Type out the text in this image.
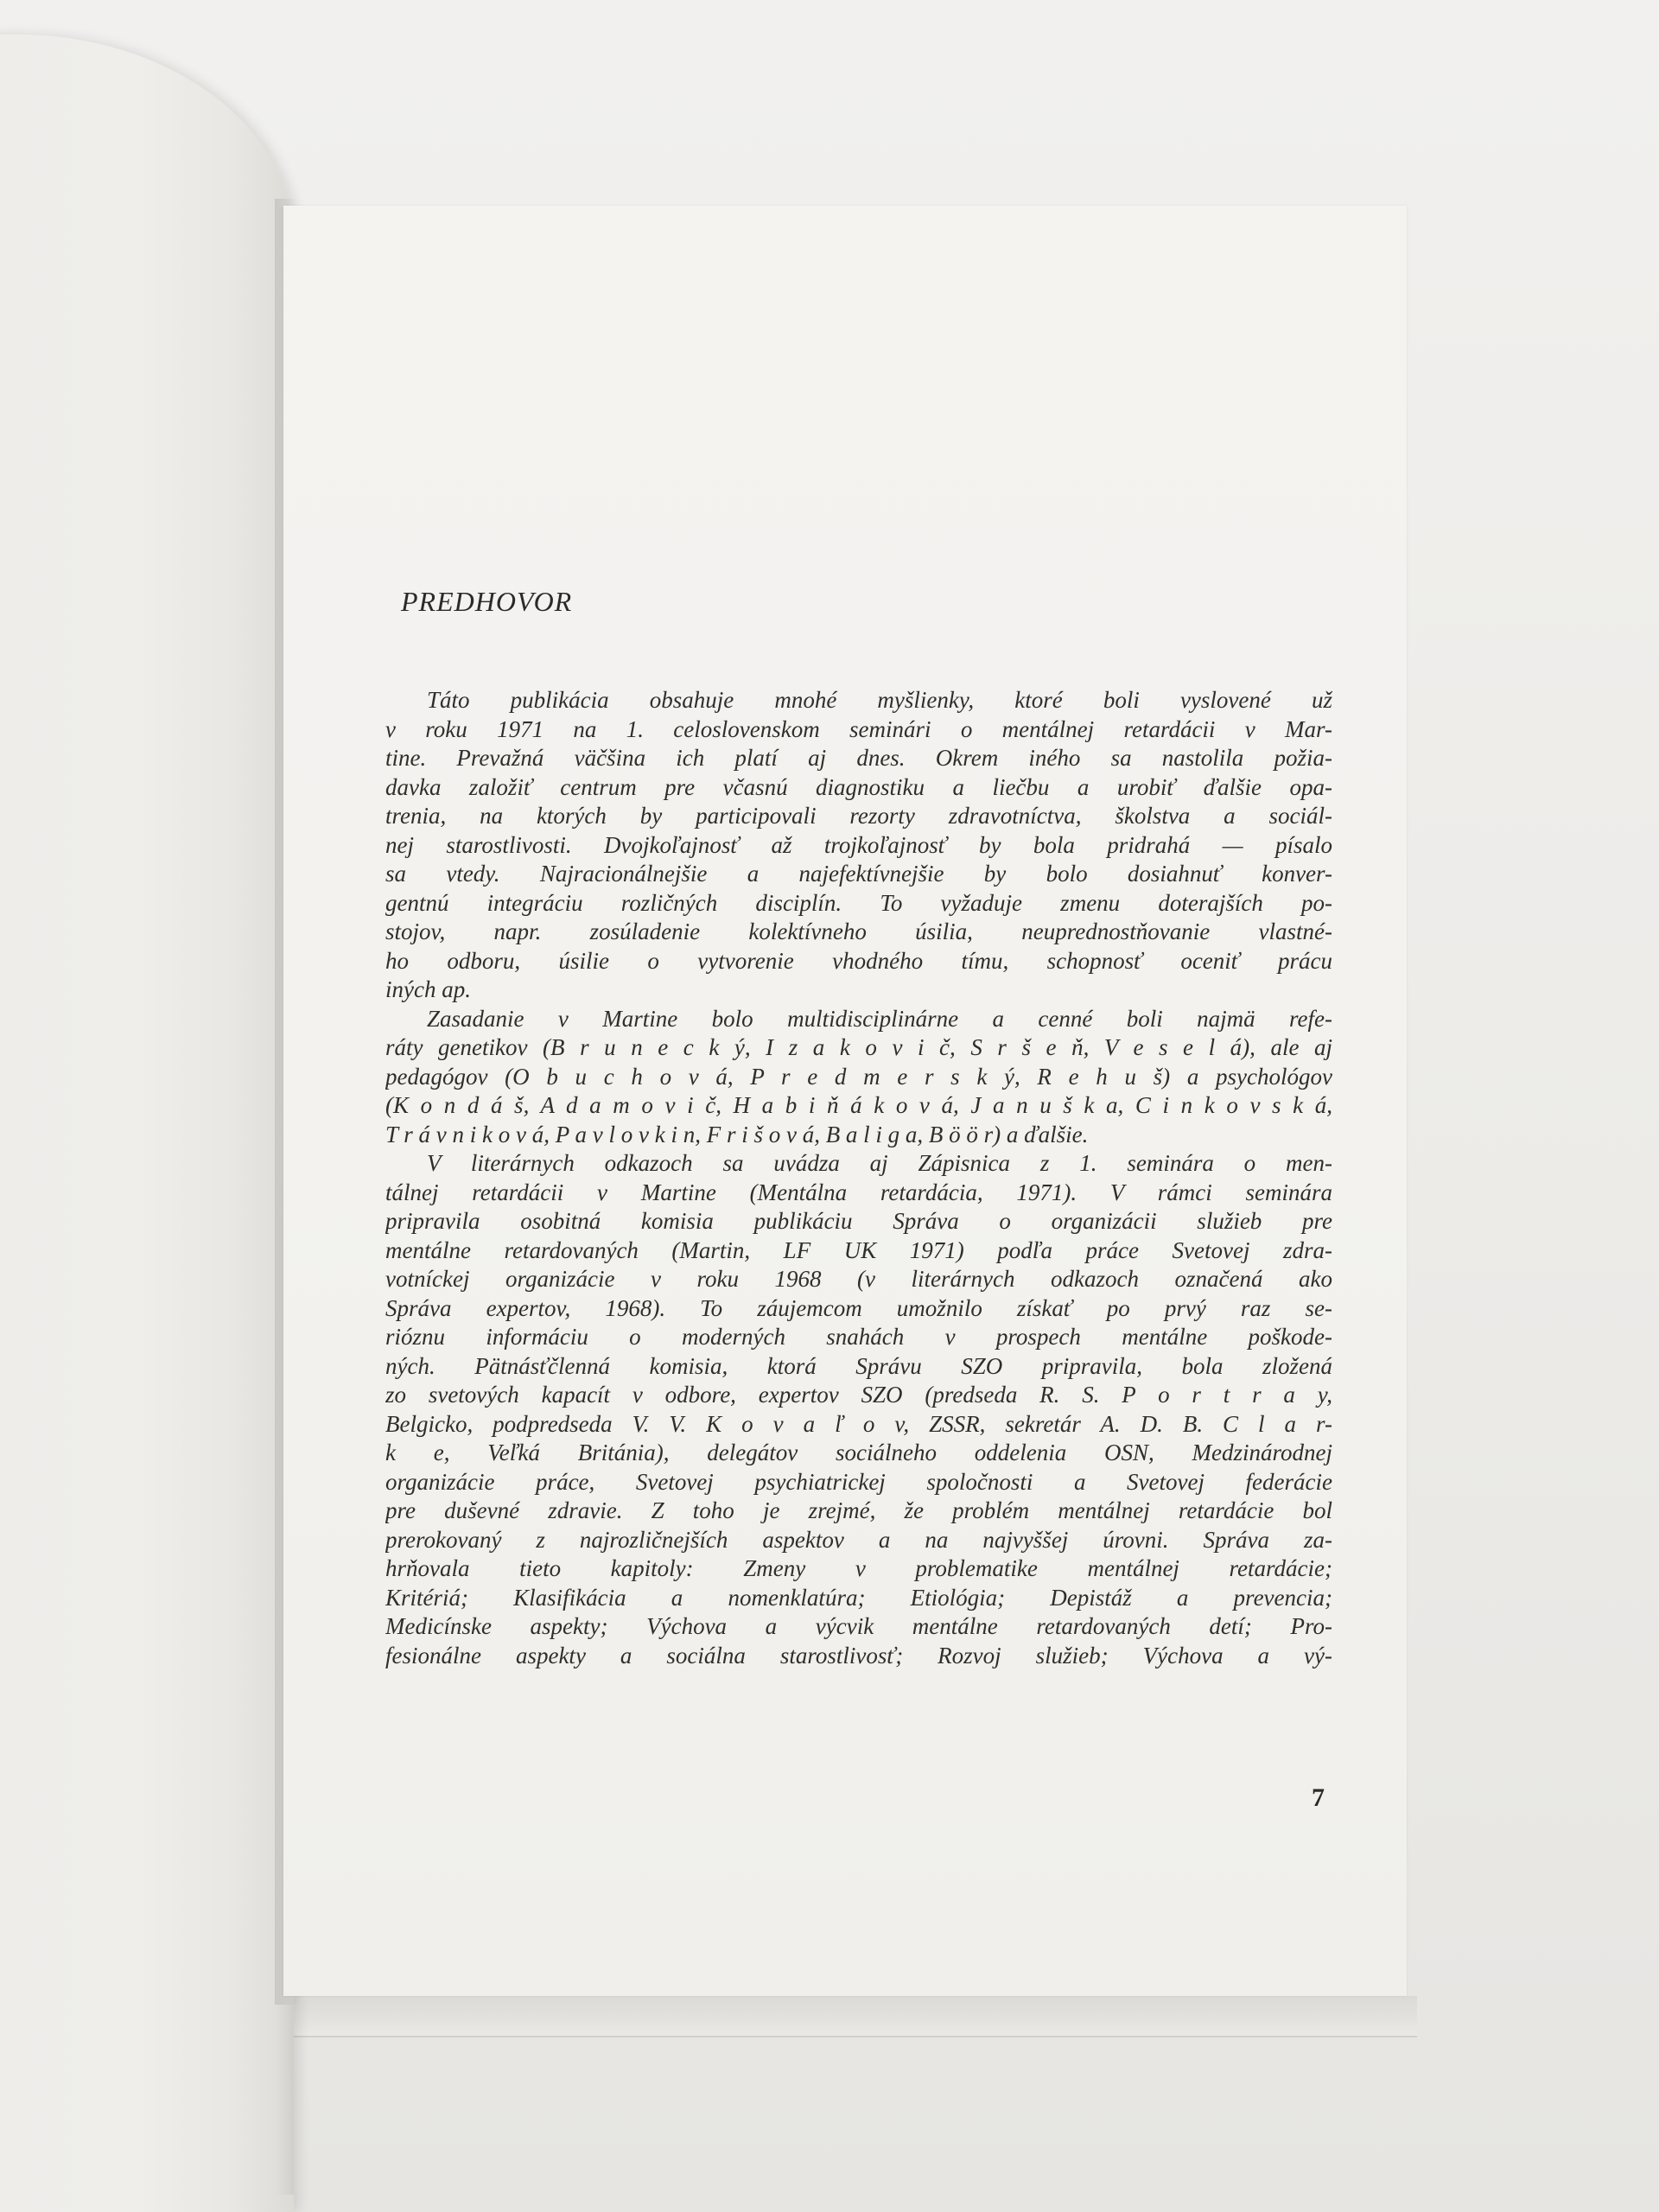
PREDHOVOR
Táto publikácia obsahuje mnohé myšlienky, ktoré boli vyslovené už
v roku 1971 na 1. celoslovenskom seminári o mentálnej retardácii v Mar-
tine. Prevažná väčšina ich platí aj dnes. Okrem iného sa nastolila požia-
davka založiť centrum pre včasnú diagnostiku a liečbu a urobiť ďalšie opa-
trenia, na ktorých by participovali rezorty zdravotníctva, školstva a sociál-
nej starostlivosti. Dvojkoľajnosť až trojkoľajnosť by bola pridrahá — písalo
sa vtedy. Najracionálnejšie a najefektívnejšie by bolo dosiahnuť konver-
gentnú integráciu rozličných disciplín. To vyžaduje zmenu doterajších po-
stojov, napr. zosúladenie kolektívneho úsilia, neuprednostňovanie vlastné-
ho odboru, úsilie o vytvorenie vhodného tímu, schopnosť oceniť prácu
iných ap.
Zasadanie v Martine bolo multidisciplinárne a cenné boli najmä refe-
ráty genetikov (B r u n e c k ý, I z a k o v i č, S r š e ň, V e s e l á), ale aj
pedagógov (O b u c h o v á, P r e d m e r s k ý, R e h u š) a psychológov
(K o n d á š, A d a m o v i č, H a b i ň á k o v á, J a n u š k a, C i n k o v s k á,
T r á v n i k o v á, P a v l o v k i n, F r i š o v á, B a l i g a, B ö ö r) a ďalšie.
V literárnych odkazoch sa uvádza aj Zápisnica z 1. seminára o men-
tálnej retardácii v Martine (Mentálna retardácia, 1971). V rámci seminára
pripravila osobitná komisia publikáciu Správa o organizácii služieb pre
mentálne retardovaných (Martin, LF UK 1971) podľa práce Svetovej zdra-
votníckej organizácie v roku 1968 (v literárnych odkazoch označená ako
Správa expertov, 1968). To záujemcom umožnilo získať po prvý raz se-
rióznu informáciu o moderných snahách v prospech mentálne poškode-
ných. Pätnásťčlenná komisia, ktorá Správu SZO pripravila, bola zložená
zo svetových kapacít v odbore, expertov SZO (predseda R. S. P o r t r a y,
Belgicko, podpredseda V. V. K o v a ľ o v, ZSSR, sekretár A. D. B. C l a r-
k e, Veľká Británia), delegátov sociálneho oddelenia OSN, Medzinárodnej
organizácie práce, Svetovej psychiatrickej spoločnosti a Svetovej federácie
pre duševné zdravie. Z toho je zrejmé, že problém mentálnej retardácie bol
prerokovaný z najrozličnejších aspektov a na najvyššej úrovni. Správa za-
hrňovala tieto kapitoly: Zmeny v problematike mentálnej retardácie;
Kritériá; Klasifikácia a nomenklatúra; Etiológia; Depistáž a prevencia;
Medicínske aspekty; Výchova a výcvik mentálne retardovaných detí; Pro-
fesionálne aspekty a sociálna starostlivosť; Rozvoj služieb; Výchova a vý-
7
